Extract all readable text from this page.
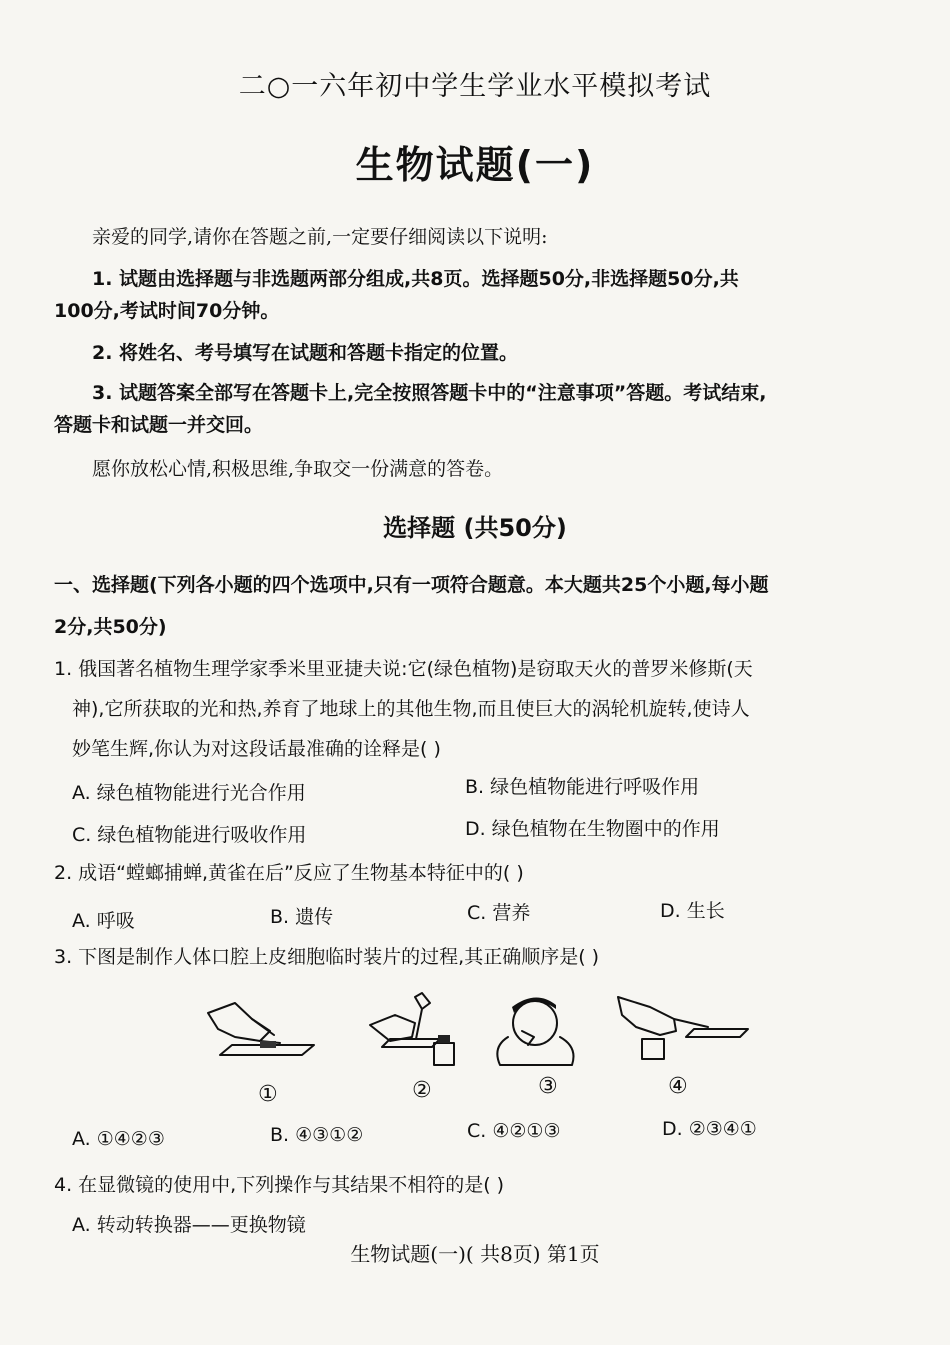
二○一六年初中学生学业水平模拟考试
生物试题(一)
亲爱的同学,请你在答题之前,一定要仔细阅读以下说明:
1. 试题由选择题与非选题两部分组成,共8页。选择题50分,非选择题50分,共
100分,考试时间70分钟。
2. 将姓名、考号填写在试题和答题卡指定的位置。
3. 试题答案全部写在答题卡上,完全按照答题卡中的“注意事项”答题。考试结束,
答题卡和试题一并交回。
愿你放松心情,积极思维,争取交一份满意的答卷。
选择题 (共50分)
一、选择题(下列各小题的四个选项中,只有一项符合题意。本大题共25个小题,每小题
2分,共50分)
1. 俄国著名植物生理学家季米里亚捷夫说:它(绿色植物)是窃取天火的普罗米修斯(天
神),它所获取的光和热,养育了地球上的其他生物,而且使巨大的涡轮机旋转,使诗人
妙笔生辉,你认为对这段话最准确的诠释是( )
A. 绿色植物能进行光合作用	B. 绿色植物能进行呼吸作用
C. 绿色植物能进行吸收作用	D. 绿色植物在生物圈中的作用
2. 成语“螳螂捕蝉,黄雀在后”反应了生物基本特征中的( )
A. 呼吸	B. 遗传	C. 营养	D. 生长
3. 下图是制作人体口腔上皮细胞临时装片的过程,其正确顺序是( )
①	②	③	④
A. ①④②③	B. ④③①②	C. ④②①③	D. ②③④①
4. 在显微镜的使用中,下列操作与其结果不相符的是( )
A. 转动转换器——更换物镜
生物试题(一)( 共8页) 第1页
